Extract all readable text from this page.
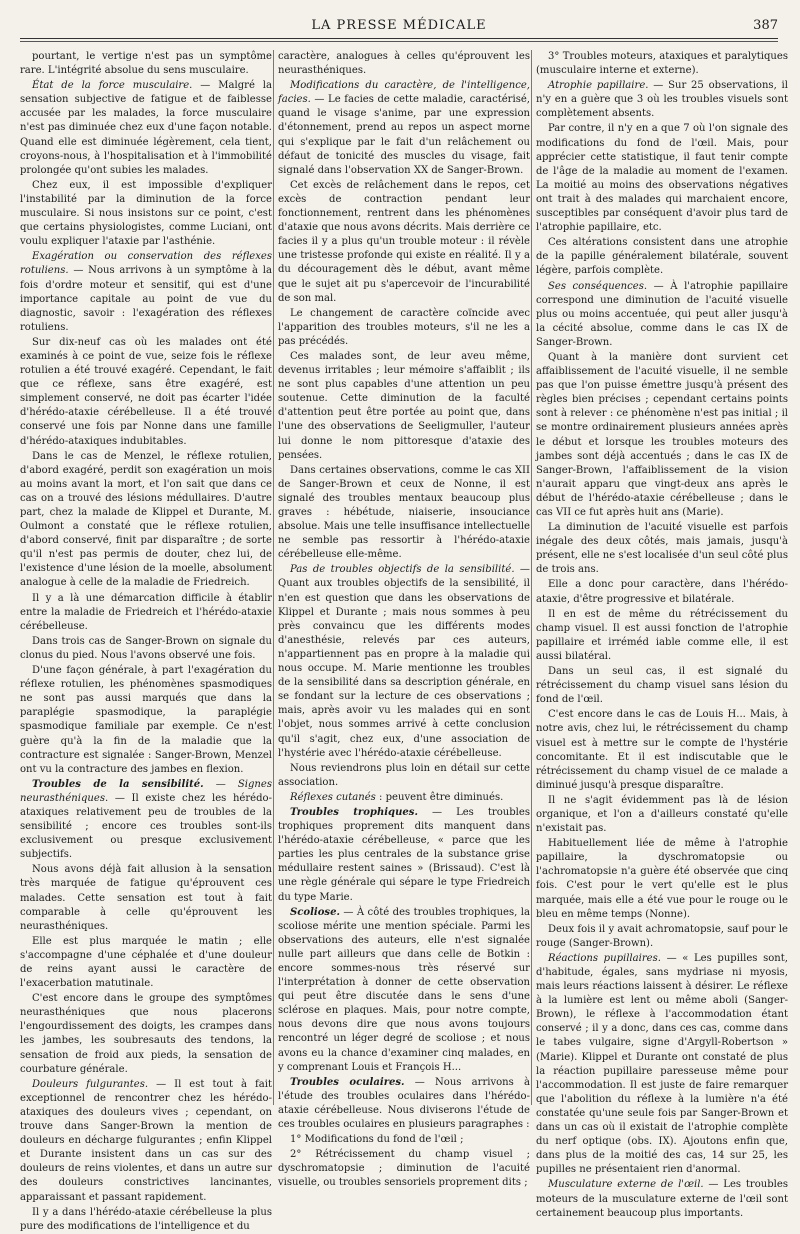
LA PRESSE MÉDICALE	387

pourtant, le vertige n'est pas un symptôme rare. L'intégrité absolue du sens musculaire.

État de la force musculaire. — Malgré la sensation subjective de fatigue et de faiblesse accusée par les malades, la force musculaire n'est pas diminuée chez eux d'une façon notable. Quand elle est diminuée légèrement, cela tient, croyons-nous, à l'hospitalisation et à l'immobilité prolongée qu'ont subies les malades.

Chez eux, il est impossible d'expliquer l'instabilité par la diminution de la force musculaire. Si nous insistons sur ce point, c'est que certains physiologistes, comme Luciani, ont voulu expliquer l'ataxie par l'asthénie.

Exagération ou conservation des réflexes rotuliens. — Nous arrivons à un symptôme à la fois d'ordre moteur et sensitif, qui est d'une importance capitale au point de vue du diagnostic, savoir : l'exagération des réflexes rotuliens.

Sur dix-neuf cas où les malades ont été examinés à ce point de vue, seize fois le réflexe rotulien a été trouvé exagéré. Cependant, le fait que ce réflexe, sans être exagéré, est simplement conservé, ne doit pas écarter l'idée d'hérédo-ataxie cérébelleuse. Il a été trouvé conservé une fois par Nonne dans une famille d'hérédo-ataxiques indubitables.

Dans le cas de Menzel, le réflexe rotulien, d'abord exagéré, perdit son exagération un mois au moins avant la mort, et l'on sait que dans ce cas on a trouvé des lésions médullaires. D'autre part, chez la malade de Klippel et Durante, M. Oulmont a constaté que le réflexe rotulien, d'abord conservé, finit par disparaître ; de sorte qu'il n'est pas permis de douter, chez lui, de l'existence d'une lésion de la moelle, absolument analogue à celle de la maladie de Friedreich.

Il y a là une démarcation difficile à établir entre la maladie de Friedreich et l'hérédo-ataxie cérébelleuse.

Dans trois cas de Sanger-Brown on signale du clonus du pied. Nous l'avons observé une fois.

D'une façon générale, à part l'exagération du réflexe rotulien, les phénomènes spasmodiques ne sont pas aussi marqués que dans la paraplégie spasmodique, la paraplégie spasmodique familiale par exemple. Ce n'est guère qu'à la fin de la maladie que la contracture est signalée : Sanger-Brown, Menzel ont vu la contracture des jambes en flexion.

Troubles de la sensibilité. — Signes neurasthéniques. — Il existe chez les hérédo-ataxiques relativement peu de troubles de la sensibilité ; encore ces troubles sont-ils exclusivement ou presque exclusivement subjectifs.

Nous avons déjà fait allusion à la sensation très marquée de fatigue qu'éprouvent ces malades. Cette sensation est tout à fait comparable à celle qu'éprouvent les neurasthéniques.

Elle est plus marquée le matin ; elle s'accompagne d'une céphalée et d'une douleur de reins ayant aussi le caractère de l'exacerbation matutinale.

C'est encore dans le groupe des symptômes neurasthéniques que nous placerons l'engourdissement des doigts, les crampes dans les jambes, les soubresauts des tendons, la sensation de froid aux pieds, la sensation de courbature générale.

Douleurs fulgurantes. — Il est tout à fait exceptionnel de rencontrer chez les hérédo-ataxiques des douleurs vives ; cependant, on trouve dans Sanger-Brown la mention de douleurs en décharge fulgurantes ; enfin Klippel et Durante insistent dans un cas sur des douleurs de reins violentes, et dans un autre sur des douleurs constrictives lancinantes, apparaissant et passant rapidement.

Il y a dans l'hérédo-ataxie cérébelleuse la plus pure des modifications de l'intelligence et du

caractère, analogues à celles qu'éprouvent les neurasthéniques.

Modifications du caractère, de l'intelligence, facies. — Le facies de cette maladie, caractérisé, quand le visage s'anime, par une expression d'étonnement, prend au repos un aspect morne qui s'explique par le fait d'un relâchement ou défaut de tonicité des muscles du visage, fait signalé dans l'observation XX de Sanger-Brown.

Cet excès de relâchement dans le repos, cet excès de contraction pendant leur fonctionnement, rentrent dans les phénomènes d'ataxie que nous avons décrits. Mais derrière ce facies il y a plus qu'un trouble moteur : il révèle une tristesse profonde qui existe en réalité. Il y a du découragement dès le début, avant même que le sujet ait pu s'apercevoir de l'incurabilité de son mal.

Le changement de caractère coïncide avec l'apparition des troubles moteurs, s'il ne les a pas précédés.

Ces malades sont, de leur aveu même, devenus irritables ; leur mémoire s'affaiblit ; ils ne sont plus capables d'une attention un peu soutenue. Cette diminution de la faculté d'attention peut être portée au point que, dans l'une des observations de Seeligmuller, l'auteur lui donne le nom pittoresque d'ataxie des pensées.

Dans certaines observations, comme le cas XII de Sanger-Brown et ceux de Nonne, il est signalé des troubles mentaux beaucoup plus graves : hébétude, niaiserie, insouciance absolue. Mais une telle insuffisance intellectuelle ne semble pas ressortir à l'hérédo-ataxie cérébelleuse elle-même.

Pas de troubles objectifs de la sensibilité. — Quant aux troubles objectifs de la sensibilité, il n'en est question que dans les observations de Klippel et Durante ; mais nous sommes à peu près convaincu que les différents modes d'anesthésie, relevés par ces auteurs, n'appartiennent pas en propre à la maladie qui nous occupe. M. Marie mentionne les troubles de la sensibilité dans sa description générale, en se fondant sur la lecture de ces observations ; mais, après avoir vu les malades qui en sont l'objet, nous sommes arrivé à cette conclusion qu'il s'agit, chez eux, d'une association de l'hystérie avec l'hérédo-ataxie cérébelleuse.

Nous reviendrons plus loin en détail sur cette association.

Réflexes cutanés : peuvent être diminués.

Troubles trophiques. — Les troubles trophiques proprement dits manquent dans l'hérédo-ataxie cérébelleuse, « parce que les parties les plus centrales de la substance grise médullaire restent saines » (Brissaud). C'est là une règle générale qui sépare le type Friedreich du type Marie.

Scoliose. — À côté des troubles trophiques, la scoliose mérite une mention spéciale. Parmi les observations des auteurs, elle n'est signalée nulle part ailleurs que dans celle de Botkin : encore sommes-nous très réservé sur l'interprétation à donner de cette observation qui peut être discutée dans le sens d'une sclérose en plaques. Mais, pour notre compte, nous devons dire que nous avons toujours rencontré un léger degré de scoliose ; et nous avons eu la chance d'examiner cinq malades, en y comprenant Louis et François H...

Troubles oculaires. — Nous arrivons à l'étude des troubles oculaires dans l'hérédo-ataxie cérébelleuse. Nous diviserons l'étude de ces troubles oculaires en plusieurs paragraphes :

1° Modifications du fond de l'œil ;

2° Rétrécissement du champ visuel ; dyschromatopsie ; diminution de l'acuité visuelle, ou troubles sensoriels proprement dits ;

3° Troubles moteurs, ataxiques et paralytiques (musculaire interne et externe).

Atrophie papillaire. — Sur 25 observations, il n'y en a guère que 3 où les troubles visuels sont complètement absents.

Par contre, il n'y en a que 7 où l'on signale des modifications du fond de l'œil. Mais, pour apprécier cette statistique, il faut tenir compte de l'âge de la maladie au moment de l'examen. La moitié au moins des observations négatives ont trait à des malades qui marchaient encore, susceptibles par conséquent d'avoir plus tard de l'atrophie papillaire, etc.

Ces altérations consistent dans une atrophie de la papille généralement bilatérale, souvent légère, parfois complète.

Ses conséquences. — À l'atrophie papillaire correspond une diminution de l'acuité visuelle plus ou moins accentuée, qui peut aller jusqu'à la cécité absolue, comme dans le cas IX de Sanger-Brown.

Quant à la manière dont survient cet affaiblissement de l'acuité visuelle, il ne semble pas que l'on puisse émettre jusqu'à présent des règles bien précises ; cependant certains points sont à relever : ce phénomène n'est pas initial ; il se montre ordinairement plusieurs années après le début et lorsque les troubles moteurs des jambes sont déjà accentués ; dans le cas IX de Sanger-Brown, l'affaiblissement de la vision n'aurait apparu que vingt-deux ans après le début de l'hérédo-ataxie cérébelleuse ; dans le cas VII ce fut après huit ans (Marie).

La diminution de l'acuité visuelle est parfois inégale des deux côtés, mais jamais, jusqu'à présent, elle ne s'est localisée d'un seul côté plus de trois ans.

Elle a donc pour caractère, dans l'hérédo-ataxie, d'être progressive et bilatérale.

Il en est de même du rétrécissement du champ visuel. Il est aussi fonction de l'atrophie papillaire et irréméd iable comme elle, il est aussi bilatéral.

Dans un seul cas, il est signalé du rétrécissement du champ visuel sans lésion du fond de l'œil.

C'est encore dans le cas de Louis H... Mais, à notre avis, chez lui, le rétrécissement du champ visuel est à mettre sur le compte de l'hystérie concomitante. Et il est indiscutable que le rétrécissement du champ visuel de ce malade a diminué jusqu'à presque disparaître.

Il ne s'agit évidemment pas là de lésion organique, et l'on a d'ailleurs constaté qu'elle n'existait pas.

Habituellement liée de même à l'atrophie papillaire, la dyschromatopsie ou l'achromatopsie n'a guère été observée que cinq fois. C'est pour le vert qu'elle est le plus marquée, mais elle a été vue pour le rouge ou le bleu en même temps (Nonne).

Deux fois il y avait achromatopsie, sauf pour le rouge (Sanger-Brown).

Réactions pupillaires. — « Les pupilles sont, d'habitude, égales, sans mydriase ni myosis, mais leurs réactions laissent à désirer. Le réflexe à la lumière est lent ou même aboli (Sanger-Brown), le réflexe à l'accommodation étant conservé ; il y a donc, dans ces cas, comme dans le tabes vulgaire, signe d'Argyll-Robertson » (Marie). Klippel et Durante ont constaté de plus la réaction pupillaire paresseuse même pour l'accommodation. Il est juste de faire remarquer que l'abolition du réflexe à la lumière n'a été constatée qu'une seule fois par Sanger-Brown et dans un cas où il existait de l'atrophie complète du nerf optique (obs. IX). Ajoutons enfin que, dans plus de la moitié des cas, 14 sur 25, les pupilles ne présentaient rien d'anormal.

Musculature externe de l'œil. — Les troubles moteurs de la musculature externe de l'œil sont certainement beaucoup plus importants.
